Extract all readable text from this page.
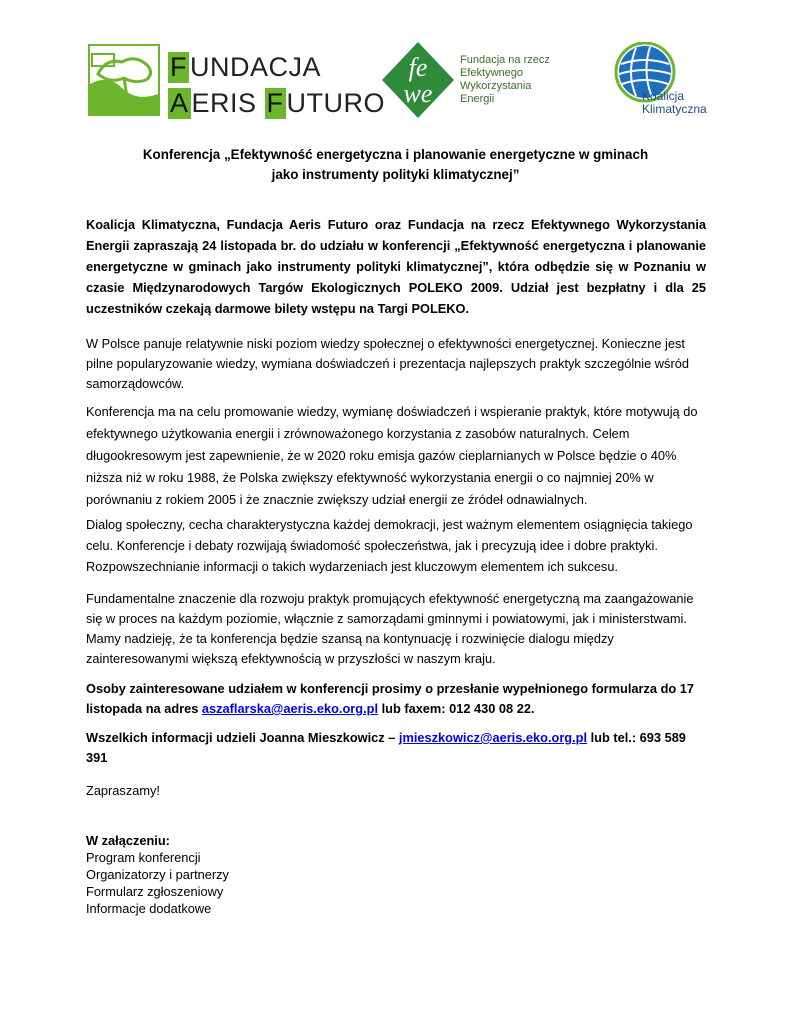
F UNDACJA
A ERIS F UTURO
fe
we
Fundacja na rzecz
Efektywnego
Wykorzystania
Energii	Koalicja
Klimatyczna
Konferencja „Efektywność energetyczna i planowanie energetyczne w gminach
jako instrumenty polityki klimatycznej”
Koalicja Klimatyczna, Fundacja Aeris Futuro oraz Fundacja na rzecz Efektywnego Wykorzystania Energii zapraszają 24 listopada br. do udziału w konferencji „Efektywność energetyczna i planowanie energetyczne w gminach jako instrumenty polityki klimatycznej”, która odbędzie się w Poznaniu w czasie Międzynarodowych Targów Ekologicznych POLEKO 2009. Udział jest bezpłatny i dla 25 uczestników czekają darmowe bilety wstępu na Targi POLEKO.
W Polsce panuje relatywnie niski poziom wiedzy społecznej o efektywności energetycznej. Konieczne jest pilne popularyzowanie wiedzy, wymiana doświadczeń i prezentacja najlepszych praktyk szczególnie wśród samorządowców.
Konferencja ma na celu promowanie wiedzy, wymianę doświadczeń i wspieranie praktyk, które motywują do efektywnego użytkowania energii i zrównoważonego korzystania z zasobów naturalnych. Celem długookresowym jest zapewnienie, że w 2020 roku emisja gazów cieplarnianych w Polsce będzie o 40% niższa niż w roku 1988, że Polska zwiększy efektywność wykorzystania energii o co najmniej 20% w porównaniu z rokiem 2005 i że znacznie zwiększy udział energii ze źródeł odnawialnych.
Dialog społeczny, cecha charakterystyczna każdej demokracji, jest ważnym elementem osiągnięcia takiego celu. Konferencje i debaty rozwijają świadomość społeczeństwa, jak i precyzują idee i dobre praktyki. Rozpowszechnianie informacji o takich wydarzeniach jest kluczowym elementem ich sukcesu.
Fundamentalne znaczenie dla rozwoju praktyk promujących efektywność energetyczną ma zaangażowanie się w proces na każdym poziomie, włącznie z samorządami gminnymi i powiatowymi, jak i ministerstwami. Mamy nadzieję, że ta konferencja będzie szansą na kontynuację i rozwinięcie dialogu między zainteresowanymi większą efektywnością w przyszłości w naszym kraju.
Osoby zainteresowane udziałem w konferencji prosimy o przesłanie wypełnionego formularza do 17 listopada na adres aszaflarska@aeris.eko.org.pl lub faxem: 012 430 08 22.
Wszelkich informacji udzieli Joanna Mieszkowicz – jmieszkowicz@aeris.eko.org.pl lub tel.: 693 589 391
Zapraszamy!
W załączeniu:
Program konferencji
Organizatorzy i partnerzy
Formularz zgłoszeniowy
Informacje dodatkowe
